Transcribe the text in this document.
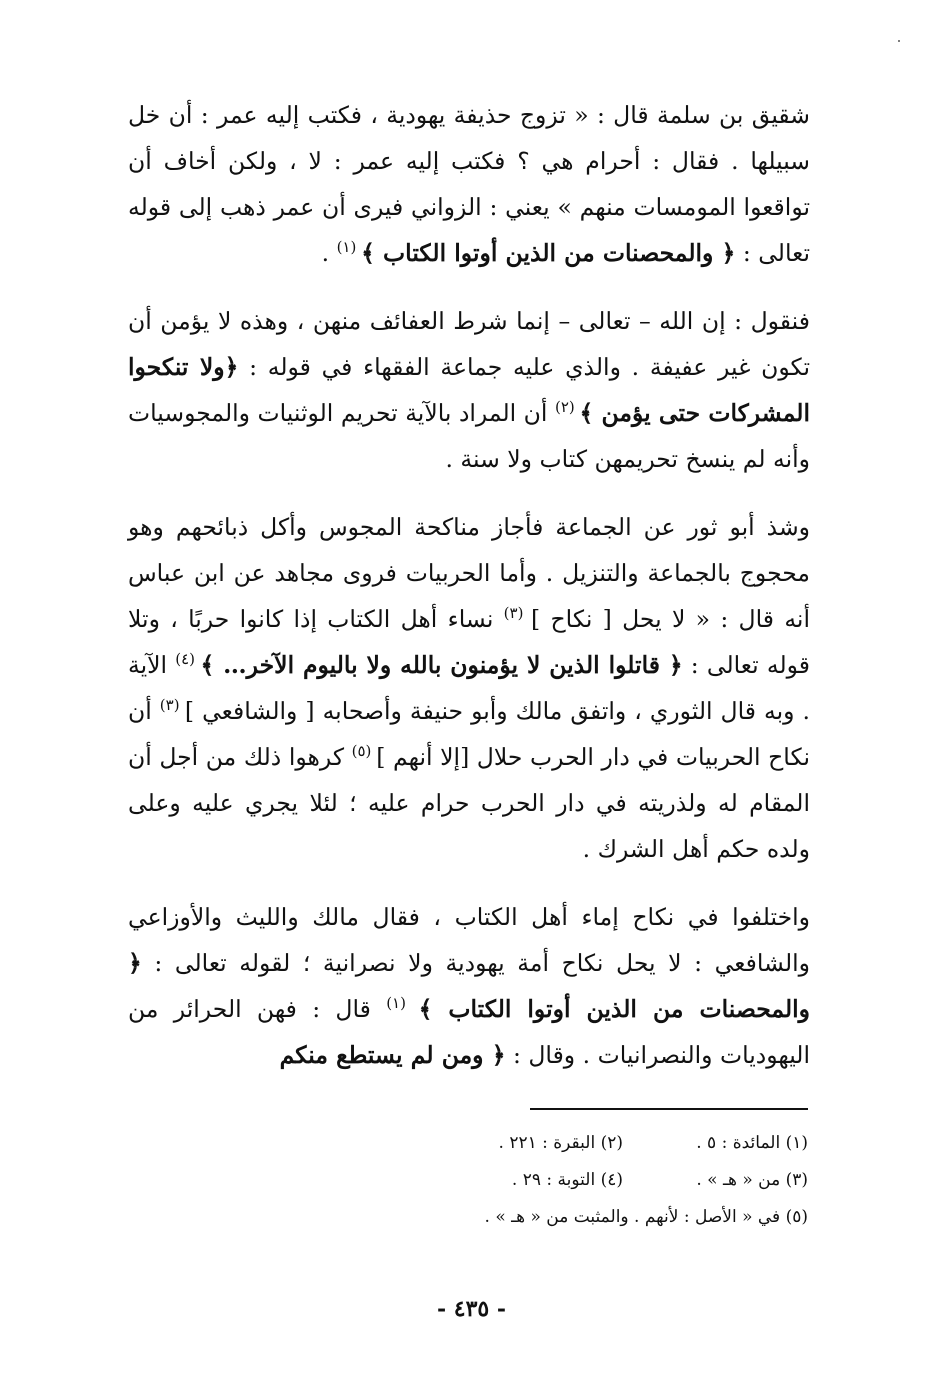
شقيق بن سلمة قال : « تزوج حذيفة يهودية ، فكتب إليه عمر : أن خل سبيلها . فقال : أحرام هي ؟ فكتب إليه عمر : لا ، ولكن أخاف أن تواقعوا المومسات منهم » يعني : الزواني فيرى أن عمر ذهب إلى قوله تعالى : ﴿ والمحصنات من الذين أوتوا الكتاب ﴾ $^{(١)}$ .

فنقول : إن الله – تعالى – إنما شرط العفائف منهن ، وهذه لا يؤمن أن تكون غير عفيفة . والذي عليه جماعة الفقهاء في قوله : ﴿ولا تنكحوا المشركات حتى يؤمن ﴾ $^{(٢)}$ أن المراد بالآية تحريم الوثنيات والمجوسيات وأنه لم ينسخ تحريمهن كتاب ولا سنة .

وشذ أبو ثور عن الجماعة فأجاز مناكحة المجوس وأكل ذبائحهم وهو محجوج بالجماعة والتنزيل . وأما الحربيات فروى مجاهد عن ابن عباس أنه قال : « لا يحل [ نكاح ] $^{(٣)}$ نساء أهل الكتاب إذا كانوا حربًا ، وتلا قوله تعالى : ﴿ قاتلوا الذين لا يؤمنون بالله ولا باليوم الآخر… ﴾ $^{(٤)}$ الآية . وبه قال الثوري ، واتفق مالك وأبو حنيفة وأصحابه [ والشافعي ] $^{(٣)}$ أن نكاح الحربيات في دار الحرب حلال [إلا أنهم ] $^{(٥)}$ كرهوا ذلك من أجل أن المقام له ولذريته في دار الحرب حرام عليه ؛ لئلا يجري عليه وعلى ولده حكم أهل الشرك .

واختلفوا في نكاح إماء أهل الكتاب ، فقال مالك والليث والأوزاعي والشافعي : لا يحل نكاح أمة يهودية ولا نصرانية ؛ لقوله تعالى : ﴿ والمحصنات من الذين أوتوا الكتاب ﴾ $^{(١)}$ قال : فهن الحرائر من اليهوديات والنصرانيات . وقال : ﴿ ومن لم يستطع منكم

(١) المائدة : ٥ .
(٢) البقرة : ٢٢١ .
(٣) من « هـ » .
(٤) التوبة : ٢٩ .
(٥) في « الأصل : لأنهم . والمثبت من « هـ » .
- ٤٣٥ -
